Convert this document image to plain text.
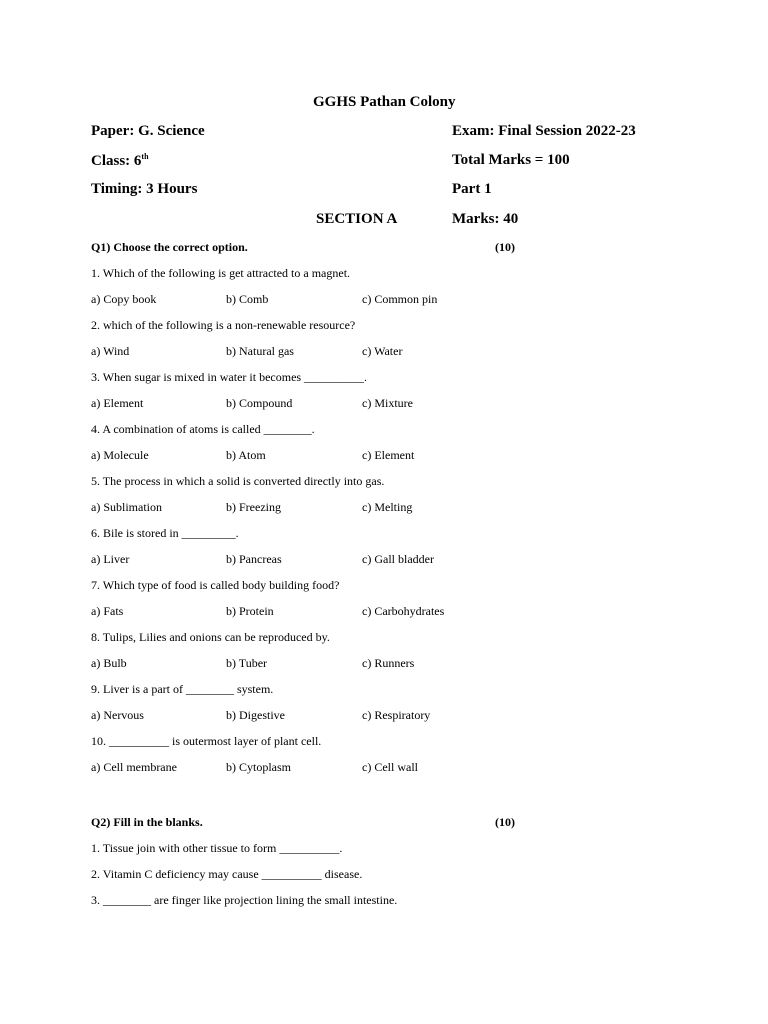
GGHS Pathan Colony
Paper: G. Science	Exam: Final Session 2022-23
Class: 6th	Total Marks = 100
Timing: 3 Hours	Part 1
SECTION A	Marks: 40
Q1) Choose the correct option.	(10)
1. Which of the following is get attracted to a magnet.
a) Copy book	b) Comb	c) Common pin
2. which of the following is a non-renewable resource?
a) Wind	b) Natural gas	c) Water
3. When sugar is mixed in water it becomes __________.
a) Element	b) Compound	c) Mixture
4. A combination of atoms is called ________.
a) Molecule	b) Atom	c) Element
5. The process in which a solid is converted directly into gas.
a) Sublimation	b) Freezing	c) Melting
6. Bile is stored in _________.
a) Liver	b) Pancreas	c) Gall bladder
7. Which type of food is called body building food?
a) Fats	b) Protein	c) Carbohydrates
8. Tulips, Lilies and onions can be reproduced by.
a) Bulb	b) Tuber	c) Runners
9. Liver is a part of ________ system.
a) Nervous	b) Digestive	c) Respiratory
10. __________ is outermost layer of plant cell.
a) Cell membrane	b) Cytoplasm	c) Cell wall
Q2) Fill in the blanks.	(10)
1. Tissue join with other tissue to form __________.
2. Vitamin C deficiency may cause __________ disease.
3. ________ are finger like projection lining the small intestine.
